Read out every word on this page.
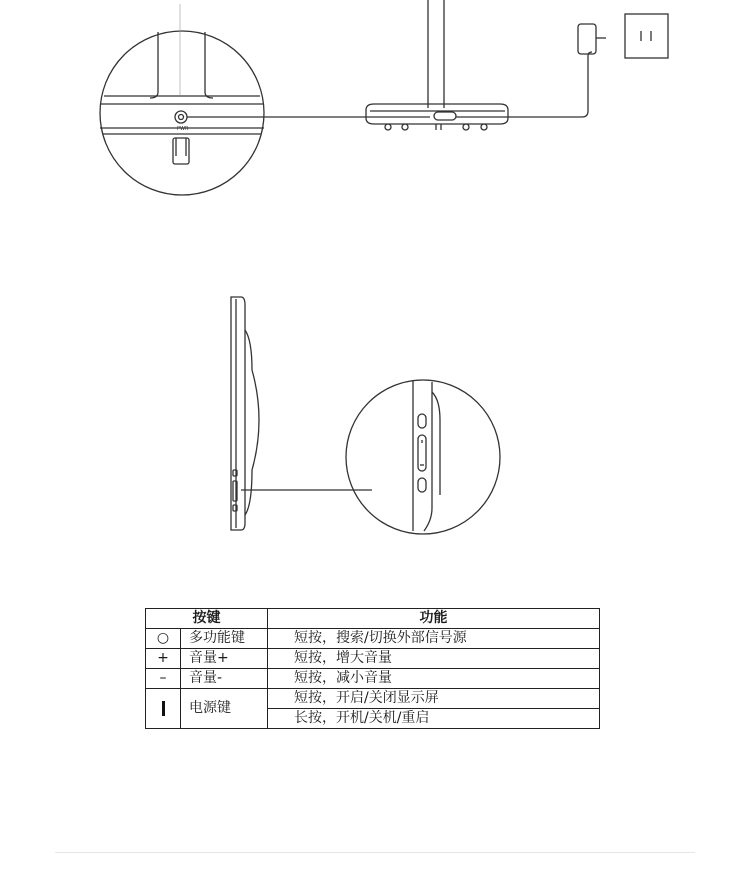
PWR
按键		功能
○	多功能键	短按，搜索/切换外部信号源
+	音量+	短按，增大音量
–	音量-	短按，减小音量
	电源键	短按，开启/关闭显示屏
		长按，开机/关机/重启
